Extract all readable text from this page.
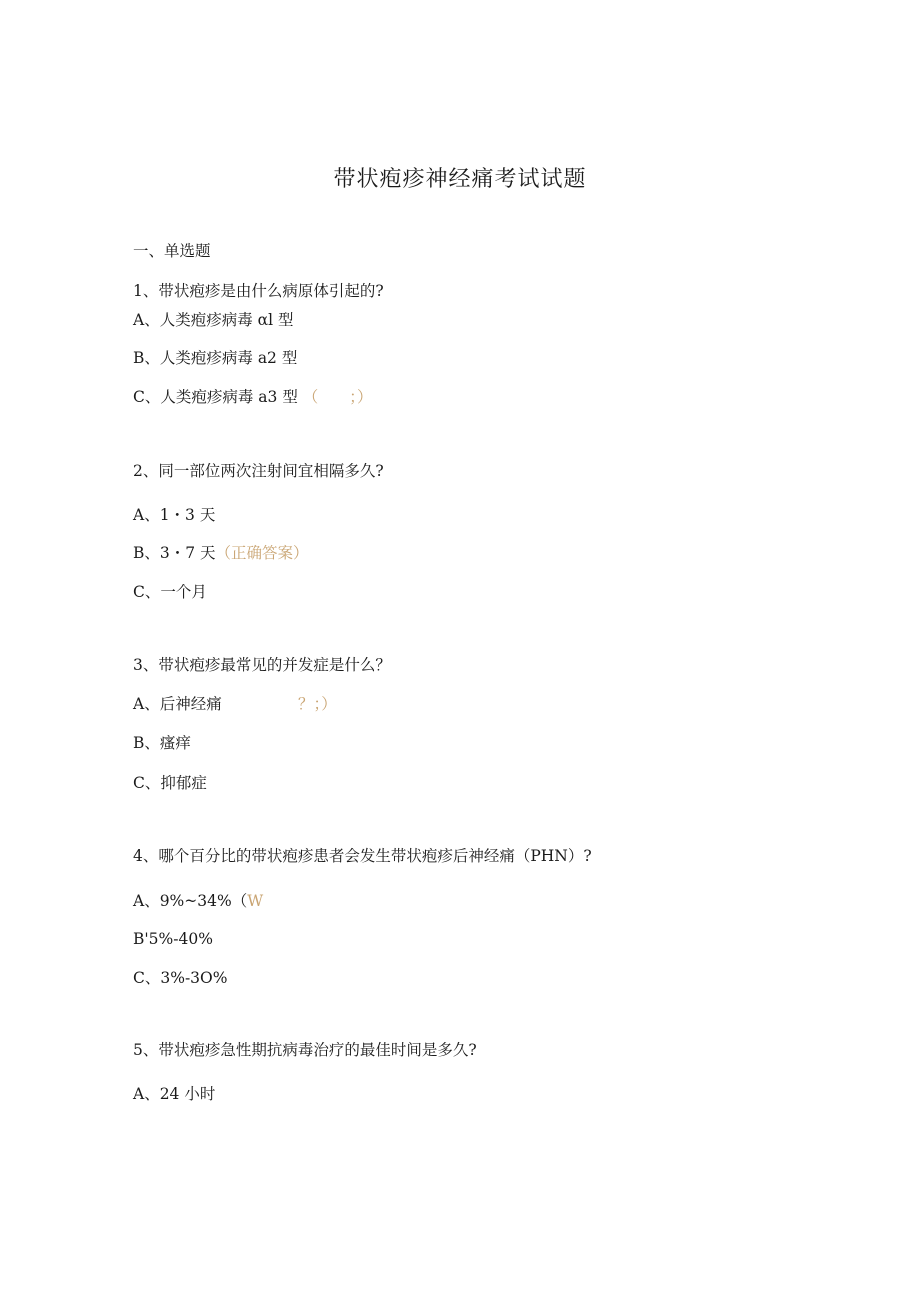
带状疱疹神经痛考试试题
一、单选题
1、带状疱疹是由什么病原体引起的?
A、人类疱疹病毒 αl 型
B、人类疱疹病毒 a2 型
C、人类疱疹病毒 a3 型 （　　；）
2、同一部位两次注射间宜相隔多久?
A、1・3 天
B、3・7 天（正确答案）
C、一个月
3、带状疱疹最常见的并发症是什么？
A、后神经痛	？；）
B、瘙痒
C、抑郁症
4、哪个百分比的带状疱疹患者会发生带状疱疹后神经痛（PHN）?
A、9%~34%（W
B'5%-40%
C、3%-3O%
5、带状疱疹急性期抗病毒治疗的最佳时间是多久?
A、24 小时
